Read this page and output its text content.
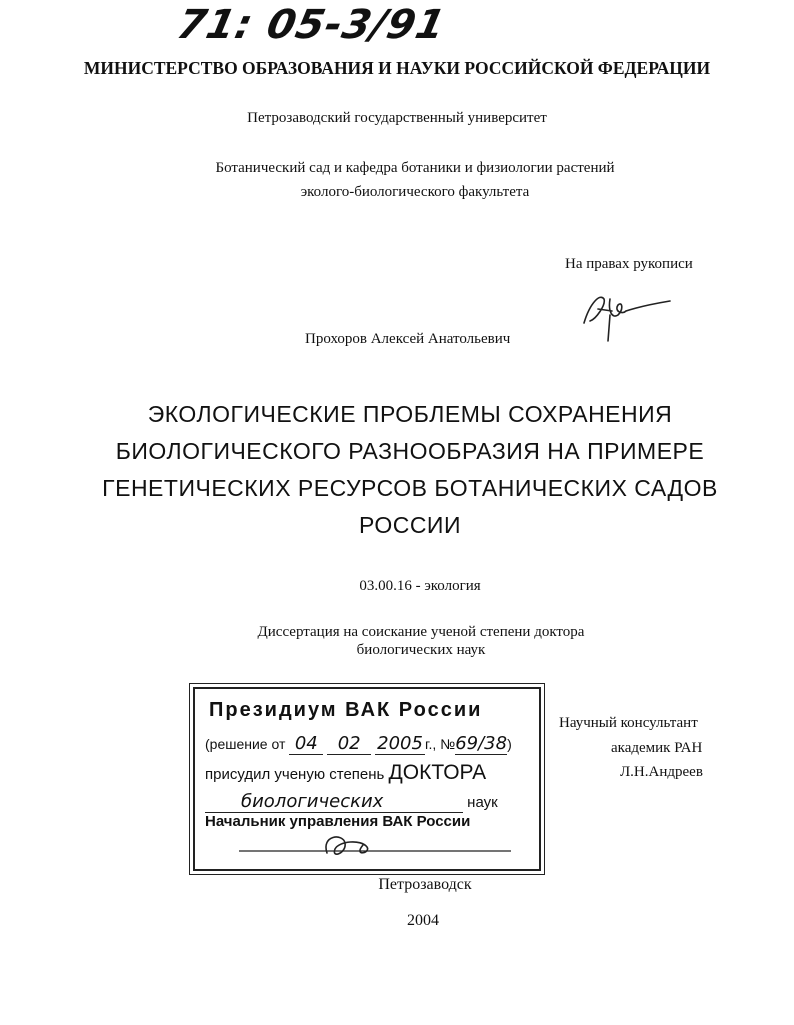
71: 05-3/91
МИНИСТЕРСТВО ОБРАЗОВАНИЯ И НАУКИ РОССИЙСКОЙ ФЕДЕРАЦИИ
Петрозаводский государственный университет
Ботанический сад и кафедра ботаники и физиологии растений
эколого-биологического факультета
На правах рукописи
Прохоров Алексей Анатольевич
ЭКОЛОГИЧЕСКИЕ ПРОБЛЕМЫ СОХРАНЕНИЯ
БИОЛОГИЧЕСКОГО РАЗНООБРАЗИЯ НА ПРИМЕРЕ
ГЕНЕТИЧЕСКИХ РЕСУРСОВ БОТАНИЧЕСКИХ САДОВ
РОССИИ
03.00.16 - экология
Диссертация на соискание ученой степени доктора
биологических наук
Президиум ВАК России
(решение от 04 02 2005 г., №69/38)
присудил ученую степень ДОКТОРА
биологических	наук
Начальник управления ВАК России
Научный консультант
академик РАН
Л.Н.Андреев
Петрозаводск
2004
